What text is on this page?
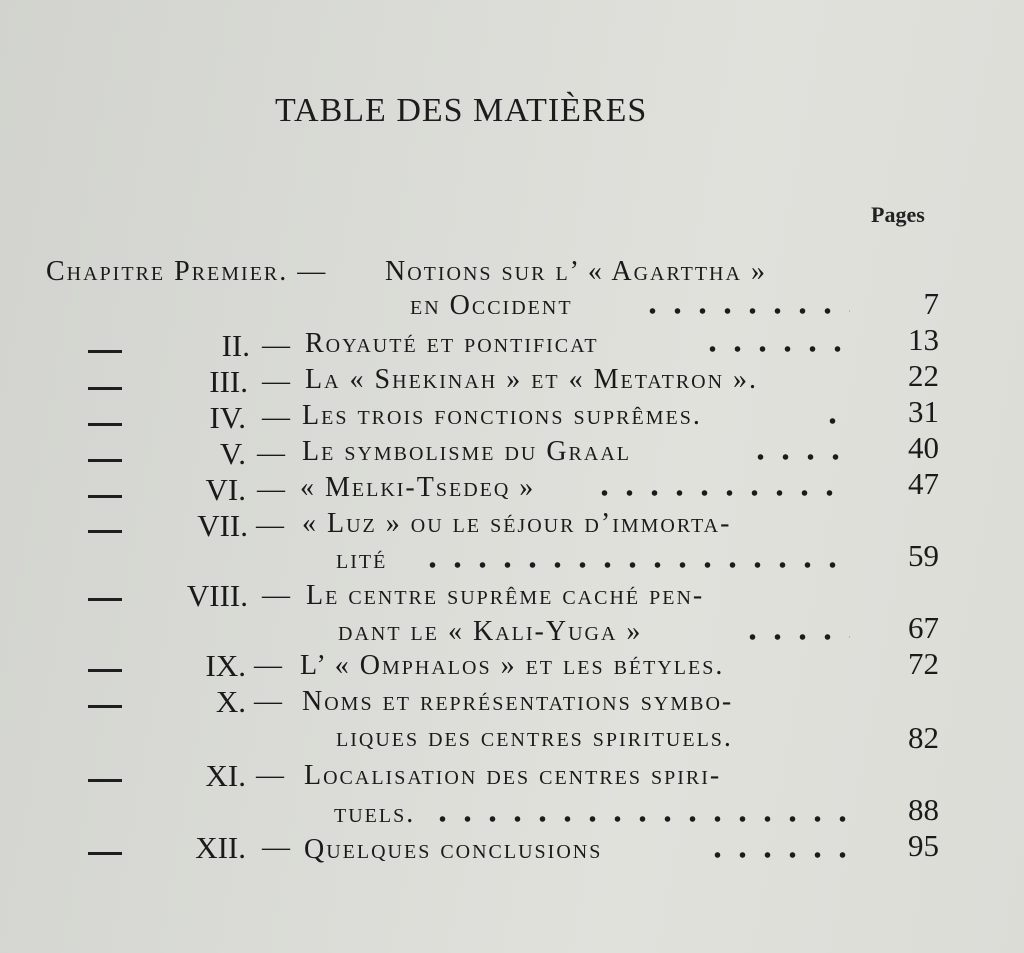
TABLE DES MATIÈRES
Pages
Chapitre Premier. — Notions sur l’ « Agarttha »
en Occident	7
II. — Royauté et pontificat	13
III. — La « Shekinah » et « Metatron ».	22
IV. — Les trois fonctions suprêmes.	31
V. — Le symbolisme du Graal	40
VI. — « Melki-Tsedeq »	47
VII. — « Luz » ou le séjour d’immorta-
lité	59
VIII. — Le centre suprême caché pen-
dant le « Kali-Yuga »	67
IX. — L’ « Omphalos » et les bétyles.	72
X. — Noms et représentations symbo-
liques des centres spirituels.	82
XI. — Localisation des centres spiri-
tuels.	88
XII. — Quelques conclusions	95
